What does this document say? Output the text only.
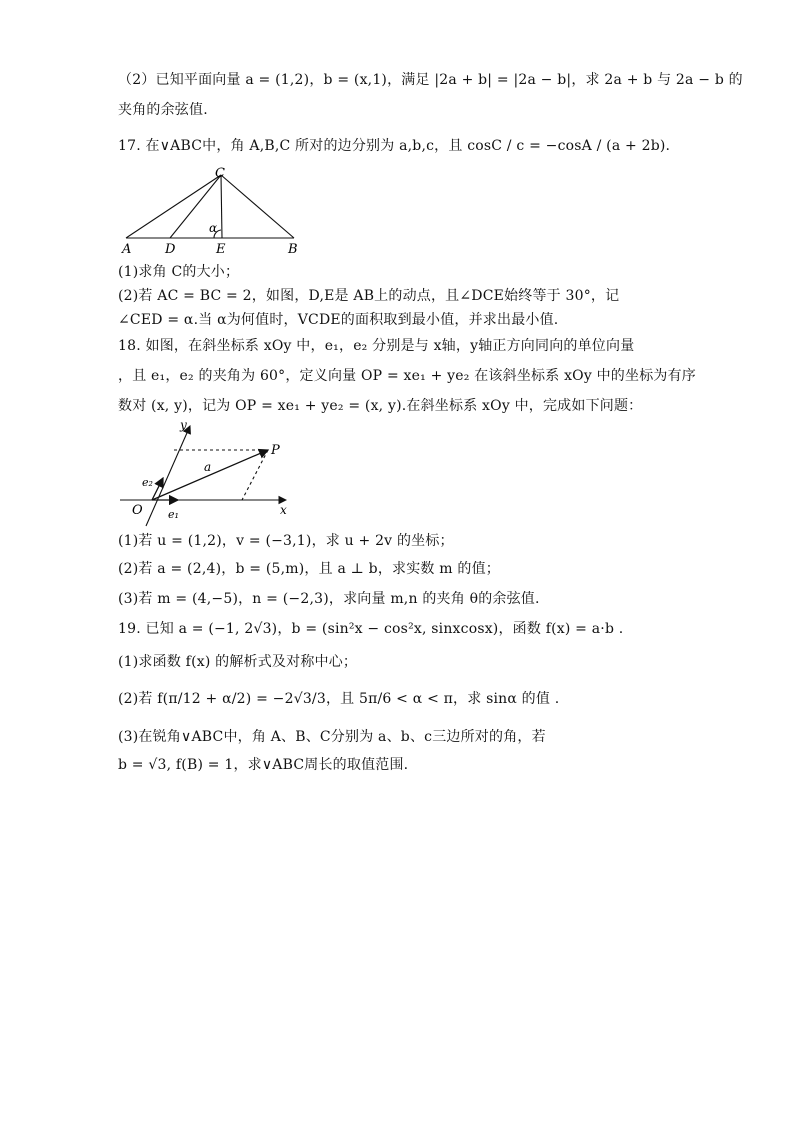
（2）已知平面向量 a = (1,2)，b = (x,1)，满足 |2a + b| = |2a − b|，求 2a + b 与 2a − b 的
夹角的余弦值.
17. 在∨ABC中，角 A,B,C 所对的边分别为 a,b,c，且 cosC / c = −cosA / (a + 2b).
C
A	D	E	B
α
(1)求角 C的大小；
(2)若 AC = BC = 2，如图，D,E是 AB上的动点，且∠DCE始终等于 30°，记
∠CED = α.当 α为何值时，VCDE的面积取到最小值，并求出最小值.
18. 如图，在斜坐标系 xOy 中，e₁，e₂ 分别是与 x轴，y轴正方向同向的单位向量
，且 e₁，e₂ 的夹角为 60°，定义向量 OP = xe₁ + ye₂ 在该斜坐标系 xOy 中的坐标为有序
数对 (x, y)，记为 OP = xe₁ + ye₂ = (x, y).在斜坐标系 xOy 中，完成如下问题：
y
x
O
P
a
e₂
e₁
(1)若 u = (1,2)，v = (−3,1)，求 u + 2v 的坐标；
(2)若 a = (2,4)，b = (5,m)，且 a ⊥ b，求实数 m 的值；
(3)若 m = (4,−5)，n = (−2,3)，求向量 m,n 的夹角 θ的余弦值.
19. 已知 a = (−1, 2√3)，b = (sin²x − cos²x, sinxcosx)，函数 f(x) = a·b .
(1)求函数 f(x) 的解析式及对称中心；
(2)若 f(π/12 + α/2) = −2√3/3，且 5π/6 < α < π，求 sinα 的值 .
(3)在锐角∨ABC中，角 A、B、C分别为 a、b、c三边所对的角，若
b = √3, f(B) = 1，求∨ABC周长的取值范围.
